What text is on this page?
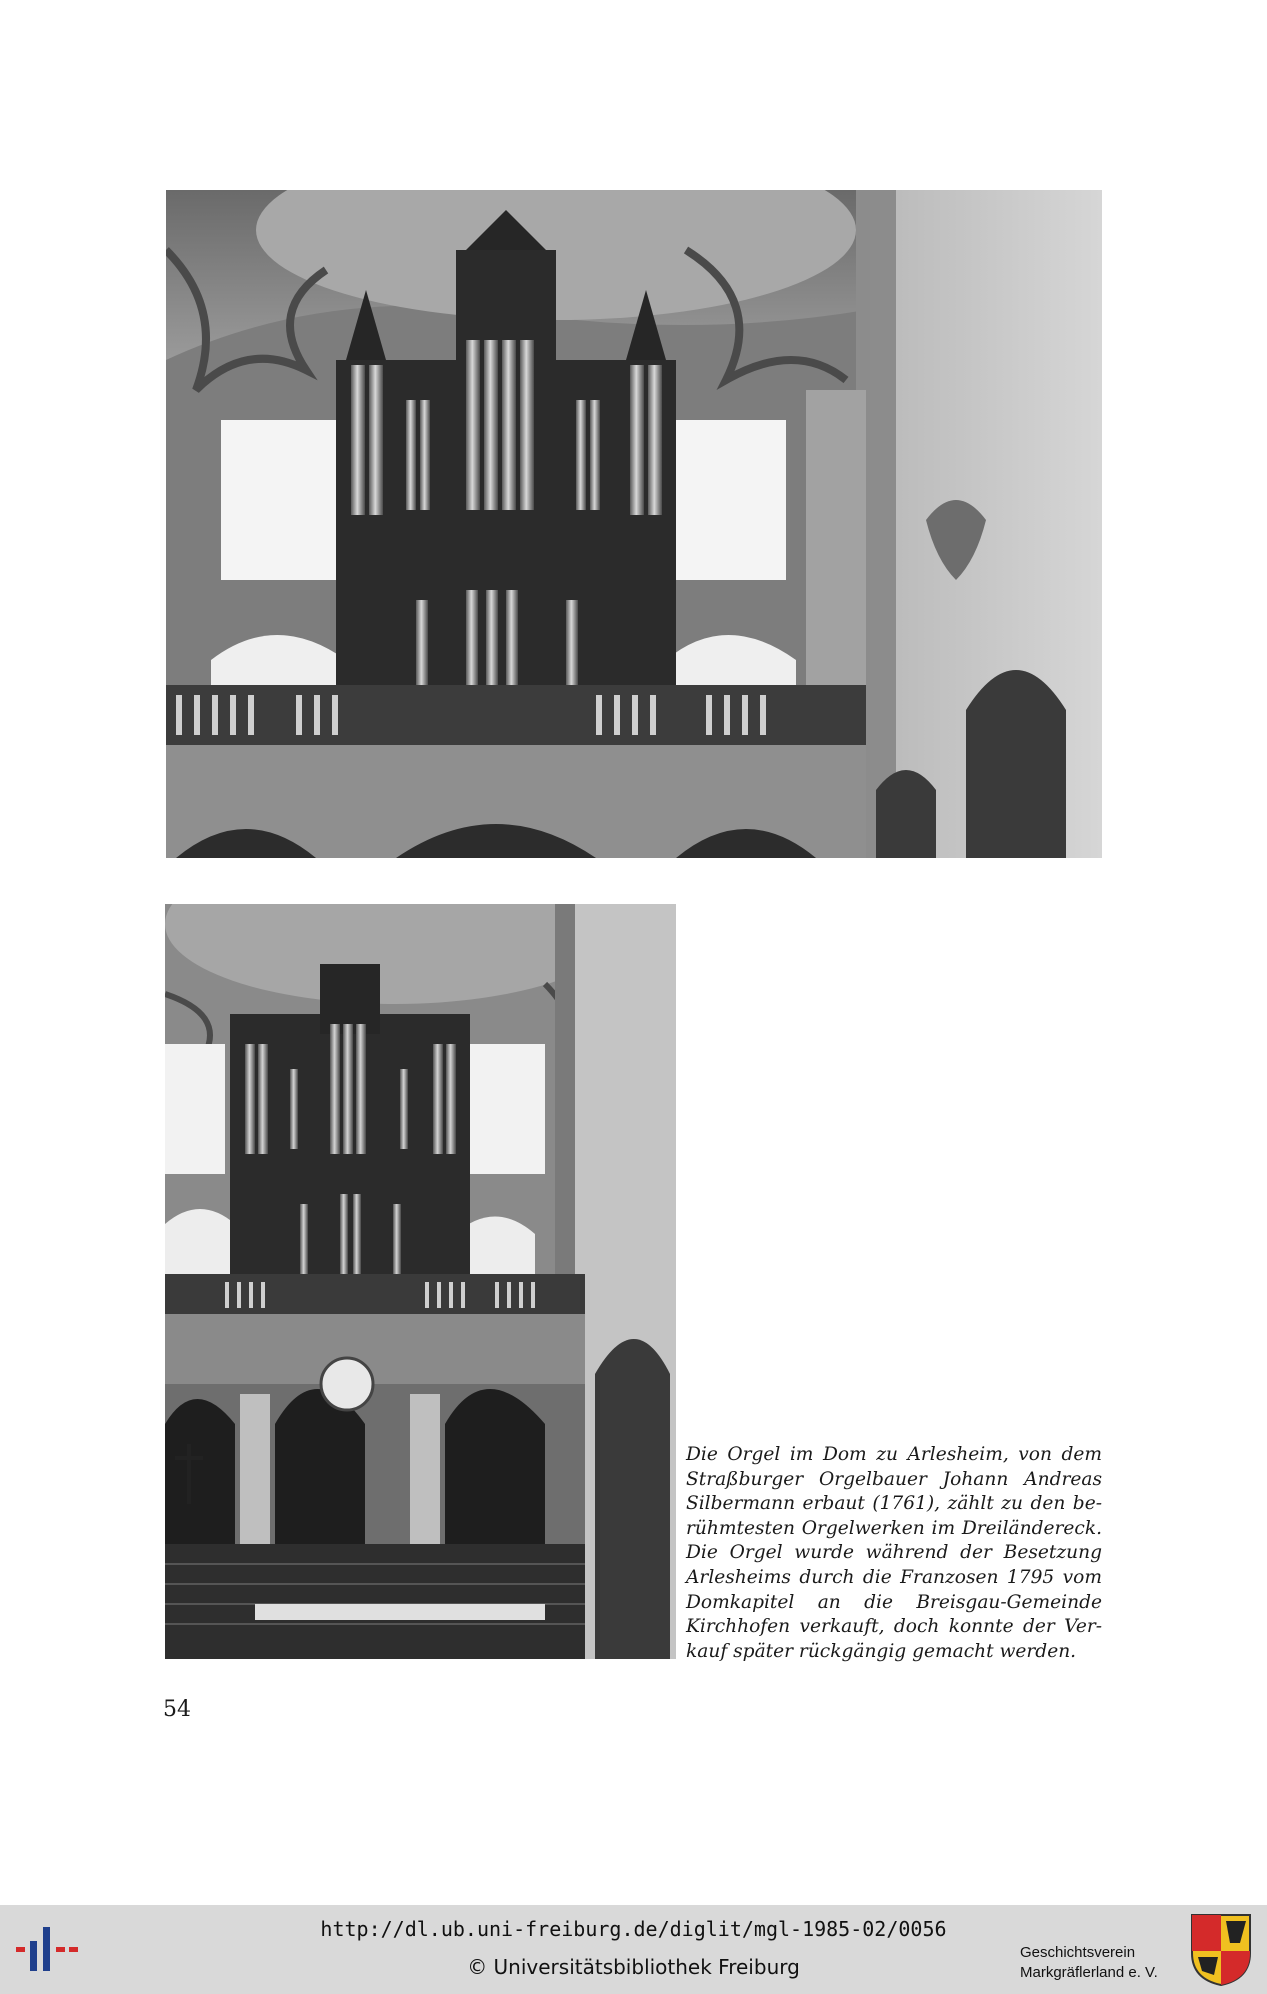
Die Orgel im Dom zu Arlesheim, von dem
Straßburger Orgelbauer Johann Andreas
Silbermann erbaut (1761), zählt zu den be-
rühmtesten Orgelwerken im Dreiländereck.
Die Orgel wurde während der Besetzung
Arlesheims durch die Franzosen 1795 vom
Domkapitel an die Breisgau-Gemeinde
Kirchhofen verkauft, doch konnte der Ver-
kauf später rückgängig gemacht werden.
54
http://dl.ub.uni-freiburg.de/diglit/mgl-1985-02/0056
© Universitätsbibliothek Freiburg
Geschichtsverein
Markgräflerland e. V.
